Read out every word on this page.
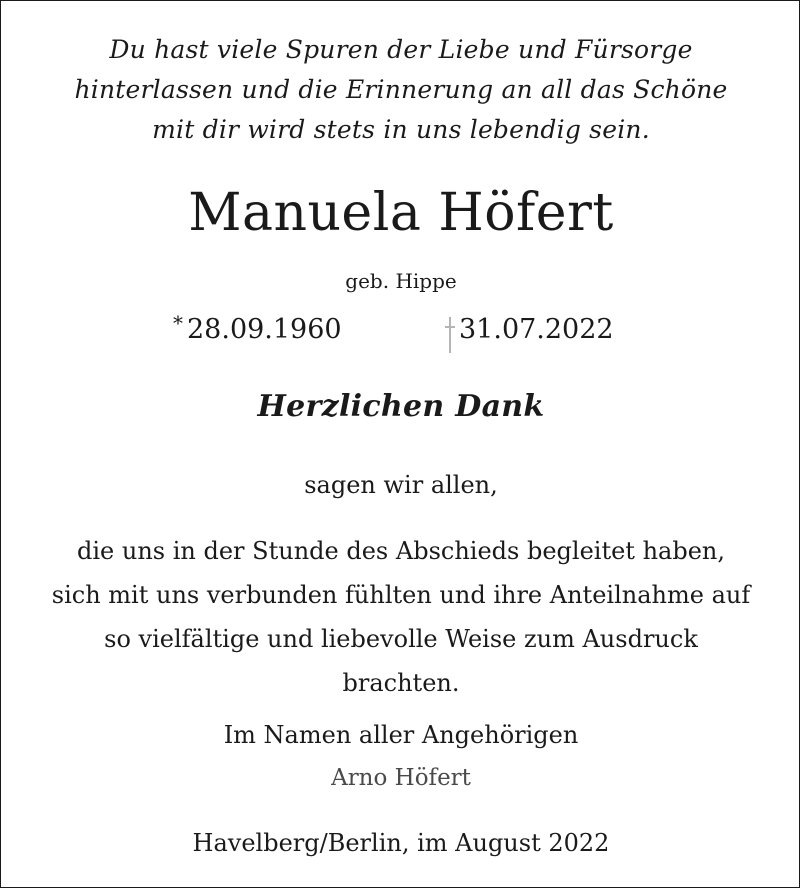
Du hast viele Spuren der Liebe und Fürsorge
hinterlassen und die Erinnerung an all das Schöne
mit dir wird stets in uns lebendig sein.
Manuela Höfert
geb. Hippe
* 28.09.1960	31.07.2022
Herzlichen Dank
sagen wir allen,
die uns in der Stunde des Abschieds begleitet haben,
sich mit uns verbunden fühlten und ihre Anteilnahme auf
so vielfältige und liebevolle Weise zum Ausdruck
brachten.
Im Namen aller Angehörigen
Arno Höfert
Havelberg/Berlin, im August 2022
